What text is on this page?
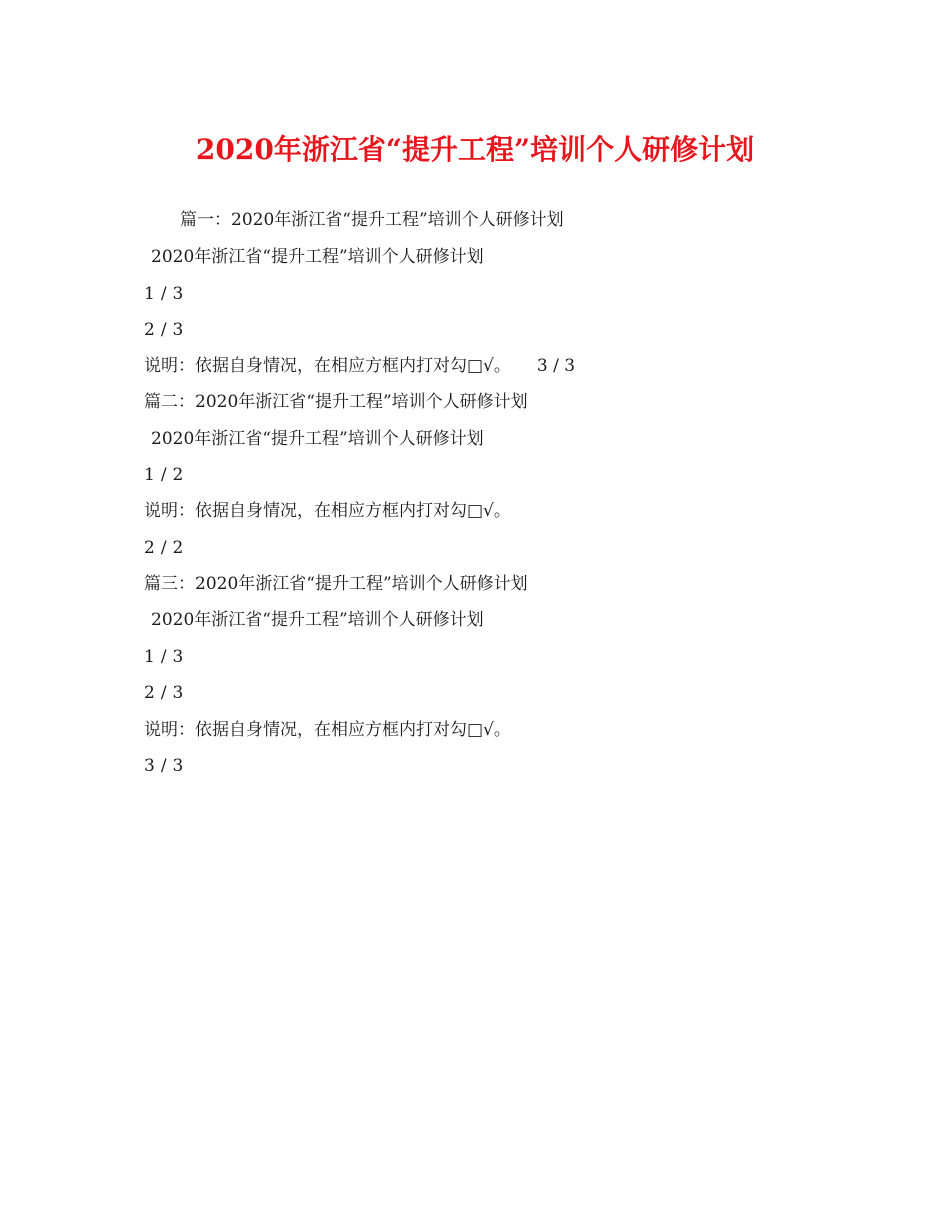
2020年浙江省“提升工程”培训个人研修计划
篇一：2020年浙江省“提升工程”培训个人研修计划
2020年浙江省“提升工程”培训个人研修计划
1 / 3
2 / 3
说明：依据自身情况，在相应方框内打对勾□√。 3 / 3
篇二：2020年浙江省“提升工程”培训个人研修计划
2020年浙江省“提升工程”培训个人研修计划
1 / 2
说明：依据自身情况，在相应方框内打对勾□√。
2 / 2
篇三：2020年浙江省“提升工程”培训个人研修计划
2020年浙江省“提升工程”培训个人研修计划
1 / 3
2 / 3
说明：依据自身情况，在相应方框内打对勾□√。
3 / 3
